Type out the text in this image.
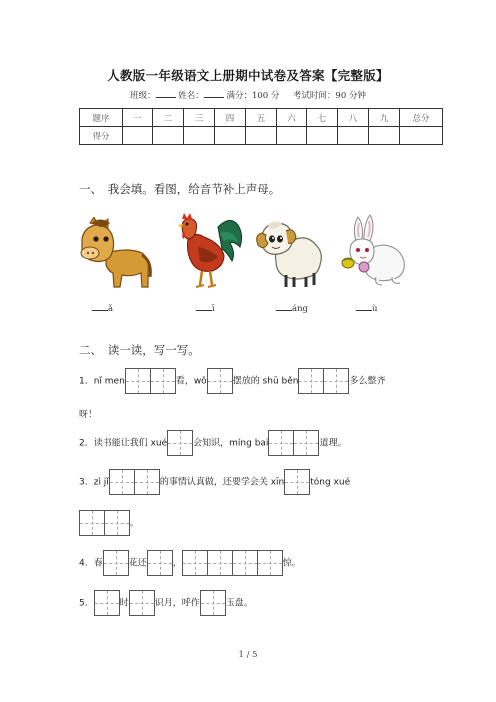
人教版一年级语文上册期中试卷及答案【完整版】
班级：	姓名：	满分：100 分 考试时间：90 分钟
题序	一	二	三	四	五	六	七	八	九	总分
得分										
一、　我会填。看图，给音节补上声母。
ǎ	ī	áng	ù
二、　读一读，写一写。
1．nǐ men	看，wǒ	摆放的 shū běn	多么整齐
呀！
2．读书能让我们 xué	会知识，míng bai	道理。
3．zì jǐ	的事情认真做，还要学会关 xīn	tóng xué
。
4．春	花还	，	惊。
5．	时	识月，呼作	玉盘。
1 / 5
